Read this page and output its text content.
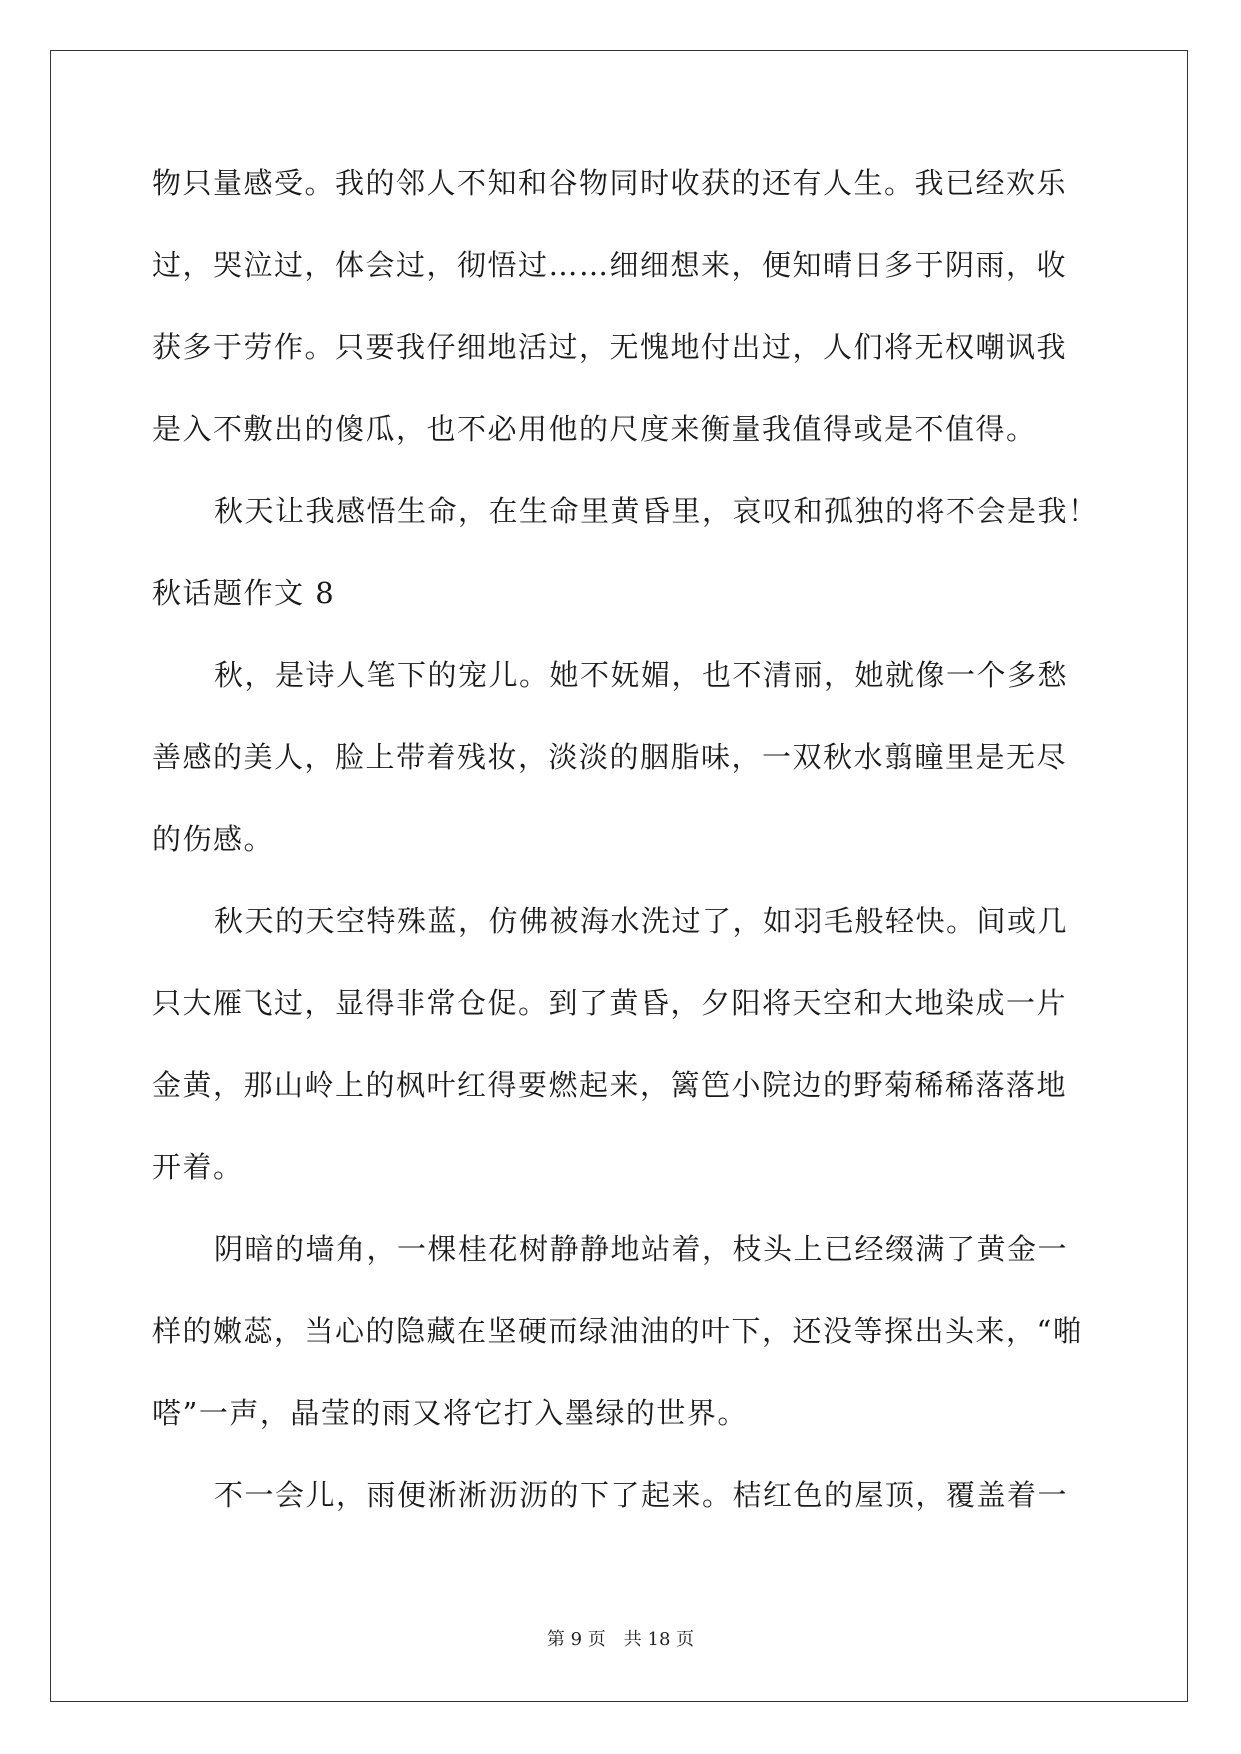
物只量感受。我的邻人不知和谷物同时收获的还有人生。我已经欢乐
过，哭泣过，体会过，彻悟过……细细想来，便知晴日多于阴雨，收
获多于劳作。只要我仔细地活过，无愧地付出过，人们将无权嘲讽我
是入不敷出的傻瓜，也不必用他的尺度来衡量我值得或是不值得。
秋天让我感悟生命，在生命里黄昏里，哀叹和孤独的将不会是我！
秋话题作文 8
秋，是诗人笔下的宠儿。她不妩媚，也不清丽，她就像一个多愁
善感的美人，脸上带着残妆，淡淡的胭脂味，一双秋水翦瞳里是无尽
的伤感。
秋天的天空特殊蓝，仿佛被海水洗过了，如羽毛般轻快。间或几
只大雁飞过，显得非常仓促。到了黄昏，夕阳将天空和大地染成一片
金黄，那山岭上的枫叶红得要燃起来，篱笆小院边的野菊稀稀落落地
开着。
阴暗的墙角，一棵桂花树静静地站着，枝头上已经缀满了黄金一
样的嫩蕊，当心的隐藏在坚硬而绿油油的叶下，还没等探出头来，“啪
嗒”一声，晶莹的雨又将它打入墨绿的世界。
不一会儿，雨便淅淅沥沥的下了起来。桔红色的屋顶，覆盖着一
第 9 页 共 18 页
